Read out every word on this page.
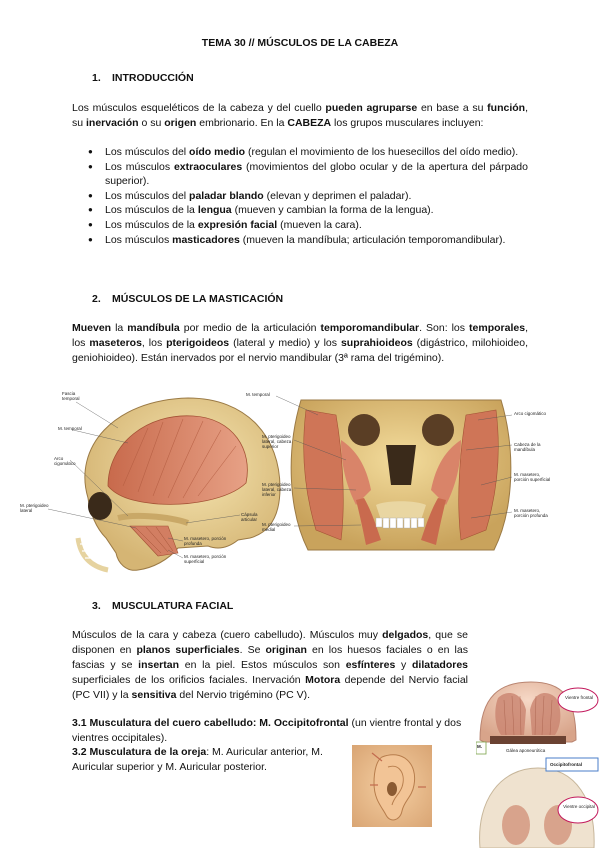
TEMA 30 // MÚSCULOS DE LA CABEZA
1. INTRODUCCIÓN
Los músculos esqueléticos de la cabeza y del cuello pueden agruparse en base a su función, su inervación o su origen embrionario. En la CABEZA los grupos musculares incluyen:
● Los músculos del oído medio (regulan el movimiento de los huesecillos del oído medio).
● Los músculos extraoculares (movimientos del globo ocular y de la apertura del párpado superior).
● Los músculos del paladar blando (elevan y deprimen el paladar).
● Los músculos de la lengua (mueven y cambian la forma de la lengua).
● Los músculos de la expresión facial (mueven la cara).
● Los músculos masticadores (mueven la mandíbula; articulación temporomandibular).
2. MÚSCULOS DE LA MASTICACIÓN
Mueven la mandíbula por medio de la articulación temporomandibular. Son: los temporales, los maseteros, los pterigoideos (lateral y medio) y los suprahioideos (digástrico, milohioideo, geniohioideo). Están inervados por el nervio mandibular (3ª rama del trigémino).
Fascia temporal
M. temporal
Arco cigomático
M. pterigoideo lateral
Cápsula articular
M. masetero, porción profunda
M. masetero, porción superficial
M. temporal
M. pterigoideo lateral, cabeza superior
M. pterigoideo lateral, cabeza inferior
M. pterigoideo medial
Arco cigomático
Cabeza de la mandíbula
M. masetero, porción superficial
M. masetero, porción profunda
3. MUSCULATURA FACIAL
Músculos de la cara y cabeza (cuero cabelludo). Músculos muy delgados, que se disponen en planos superficiales. Se originan en los huesos faciales o en las fascias y se insertan en la piel. Estos músculos son esfínteres y dilatadores superficiales de los orificios faciales. Inervación Motora depende del Nervio facial (PC VII) y la sensitiva del Nervio trigémino (PC V).
3.1 Musculatura del cuero cabelludo: M. Occipitofrontal (un vientre frontal y dos vientres occipitales).
3.2 Musculatura de la oreja: M. Auricular anterior, M. Auricular superior y M. Auricular posterior.
Vientre frontal
Gálea aponeurótica
Occipitofrontal
Vientre occipital
M.
